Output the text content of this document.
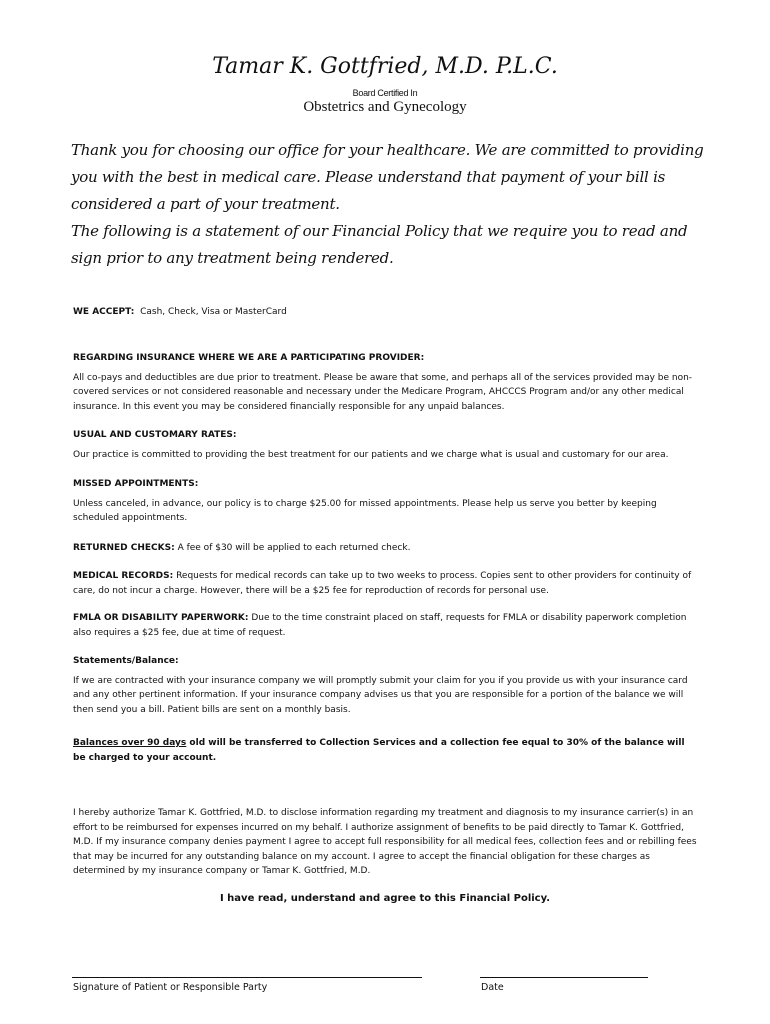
Tamar K. Gottfried, M.D. P.L.C.
Board Certified In
Obstetrics and Gynecology

Thank you for choosing our office for your healthcare. We are committed to providing you with the best in medical care. Please understand that payment of your bill is considered a part of your treatment.

The following is a statement of our Financial Policy that we require you to read and sign prior to any treatment being rendered.

WE ACCEPT: Cash, Check, Visa or MasterCard

REGARDING INSURANCE WHERE WE ARE A PARTICIPATING PROVIDER:

All co-pays and deductibles are due prior to treatment. Please be aware that some, and perhaps all of the services provided may be non-covered services or not considered reasonable and necessary under the Medicare Program, AHCCCS Program and/or any other medical insurance. In this event you may be considered financially responsible for any unpaid balances.

USUAL AND CUSTOMARY RATES:

Our practice is committed to providing the best treatment for our patients and we charge what is usual and customary for our area.

MISSED APPOINTMENTS:

Unless canceled, in advance, our policy is to charge $25.00 for missed appointments. Please help us serve you better by keeping scheduled appointments.

RETURNED CHECKS: A fee of $30 will be applied to each returned check.

MEDICAL RECORDS: Requests for medical records can take up to two weeks to process. Copies sent to other providers for continuity of care, do not incur a charge. However, there will be a $25 fee for reproduction of records for personal use.

FMLA OR DISABILITY PAPERWORK: Due to the time constraint placed on staff, requests for FMLA or disability paperwork completion also requires a $25 fee, due at time of request.

Statements/Balance:

If we are contracted with your insurance company we will promptly submit your claim for you if you provide us with your insurance card and any other pertinent information. If your insurance company advises us that you are responsible for a portion of the balance we will then send you a bill. Patient bills are sent on a monthly basis.

Balances over 90 days old will be transferred to Collection Services and a collection fee equal to 30% of the balance will be charged to your account.

I hereby authorize Tamar K. Gottfried, M.D. to disclose information regarding my treatment and diagnosis to my insurance carrier(s) in an effort to be reimbursed for expenses incurred on my behalf. I authorize assignment of benefits to be paid directly to Tamar K. Gottfried, M.D. If my insurance company denies payment I agree to accept full responsibility for all medical fees, collection fees and or rebilling fees that may be incurred for any outstanding balance on my account. I agree to accept the financial obligation for these charges as determined by my insurance company or Tamar K. Gottfried, M.D.

I have read, understand and agree to this Financial Policy.
Signature of Patient or Responsible Party	Date
